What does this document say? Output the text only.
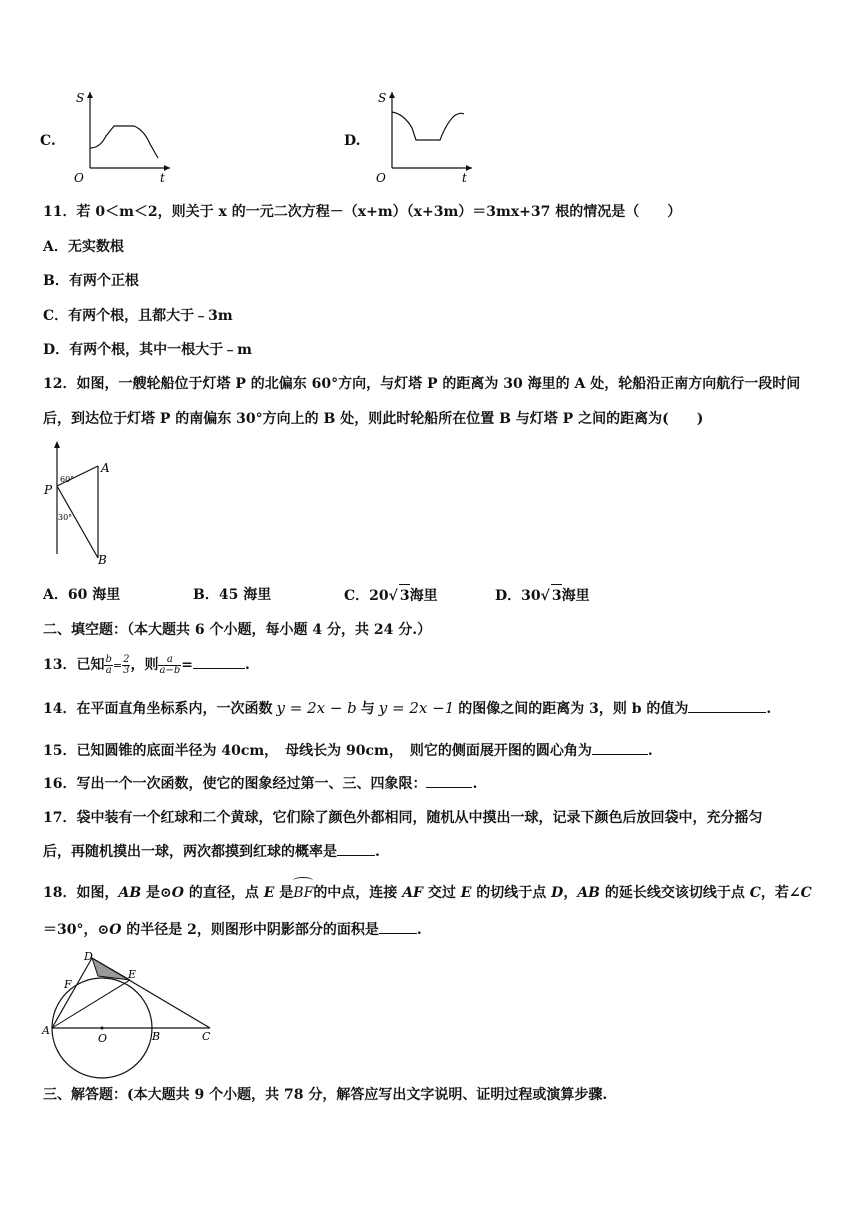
C.
S
t
O
D.
S
t
O
11．若 0＜m＜2，则关于 x 的一元二次方程－（x+m）（x+3m）＝3mx+37 根的情况是（　　）
A．无实数根
B．有两个正根
C．有两个根，且都大于﹣3m
D．有两个根，其中一根大于﹣m
12．如图，一艘轮船位于灯塔 P 的北偏东 60°方向，与灯塔 P 的距离为 30 海里的 A 处，轮船沿正南方向航行一段时间
后，到达位于灯塔 P 的南偏东 30°方向上的 B 处，则此时轮船所在位置 B 与灯塔 P 之间的距离为(　　)
P
A
B
60°
30°
A．60 海里	B．45 海里	C．20√ 3海里	D．30√ 3海里
二、填空题：（本大题共 6 个小题，每小题 4 分，共 24 分.）
13．已知 $\frac{b}{a} = \frac{2}{3}$ ，则 $\frac{a}{a-b}$ =	.
14．在平面直角坐标系内，一次函数 y = 2x − b 与 y = 2x −1 的图像之间的距离为 3，则 b 的值为	.
15．已知圆锥的底面半径为 40cm，　母线长为 90cm，　则它的侧面展开图的圆心角为	.
16．写出一个一次函数，使它的图象经过第一、三、四象限：	.
17．袋中装有一个红球和二个黄球，它们除了颜色外都相同，随机从中摸出一球，记录下颜色后放回袋中，充分摇匀
后，再随机摸出一球，两次都摸到红球的概率是	.
18．如图，AB 是⊙O 的直径，点 E 是
BF的中点，连接 AF 交过 E 的切线于点 D，AB 的延长线交该切线于点 C，若∠C
＝30°，⊙O 的半径是 2，则图形中阴影部分的面积是	.
A	B	C
D
E
F
O
三、解答题：(本大题共 9 个小题，共 78 分，解答应写出文字说明、证明过程或演算步骤.
